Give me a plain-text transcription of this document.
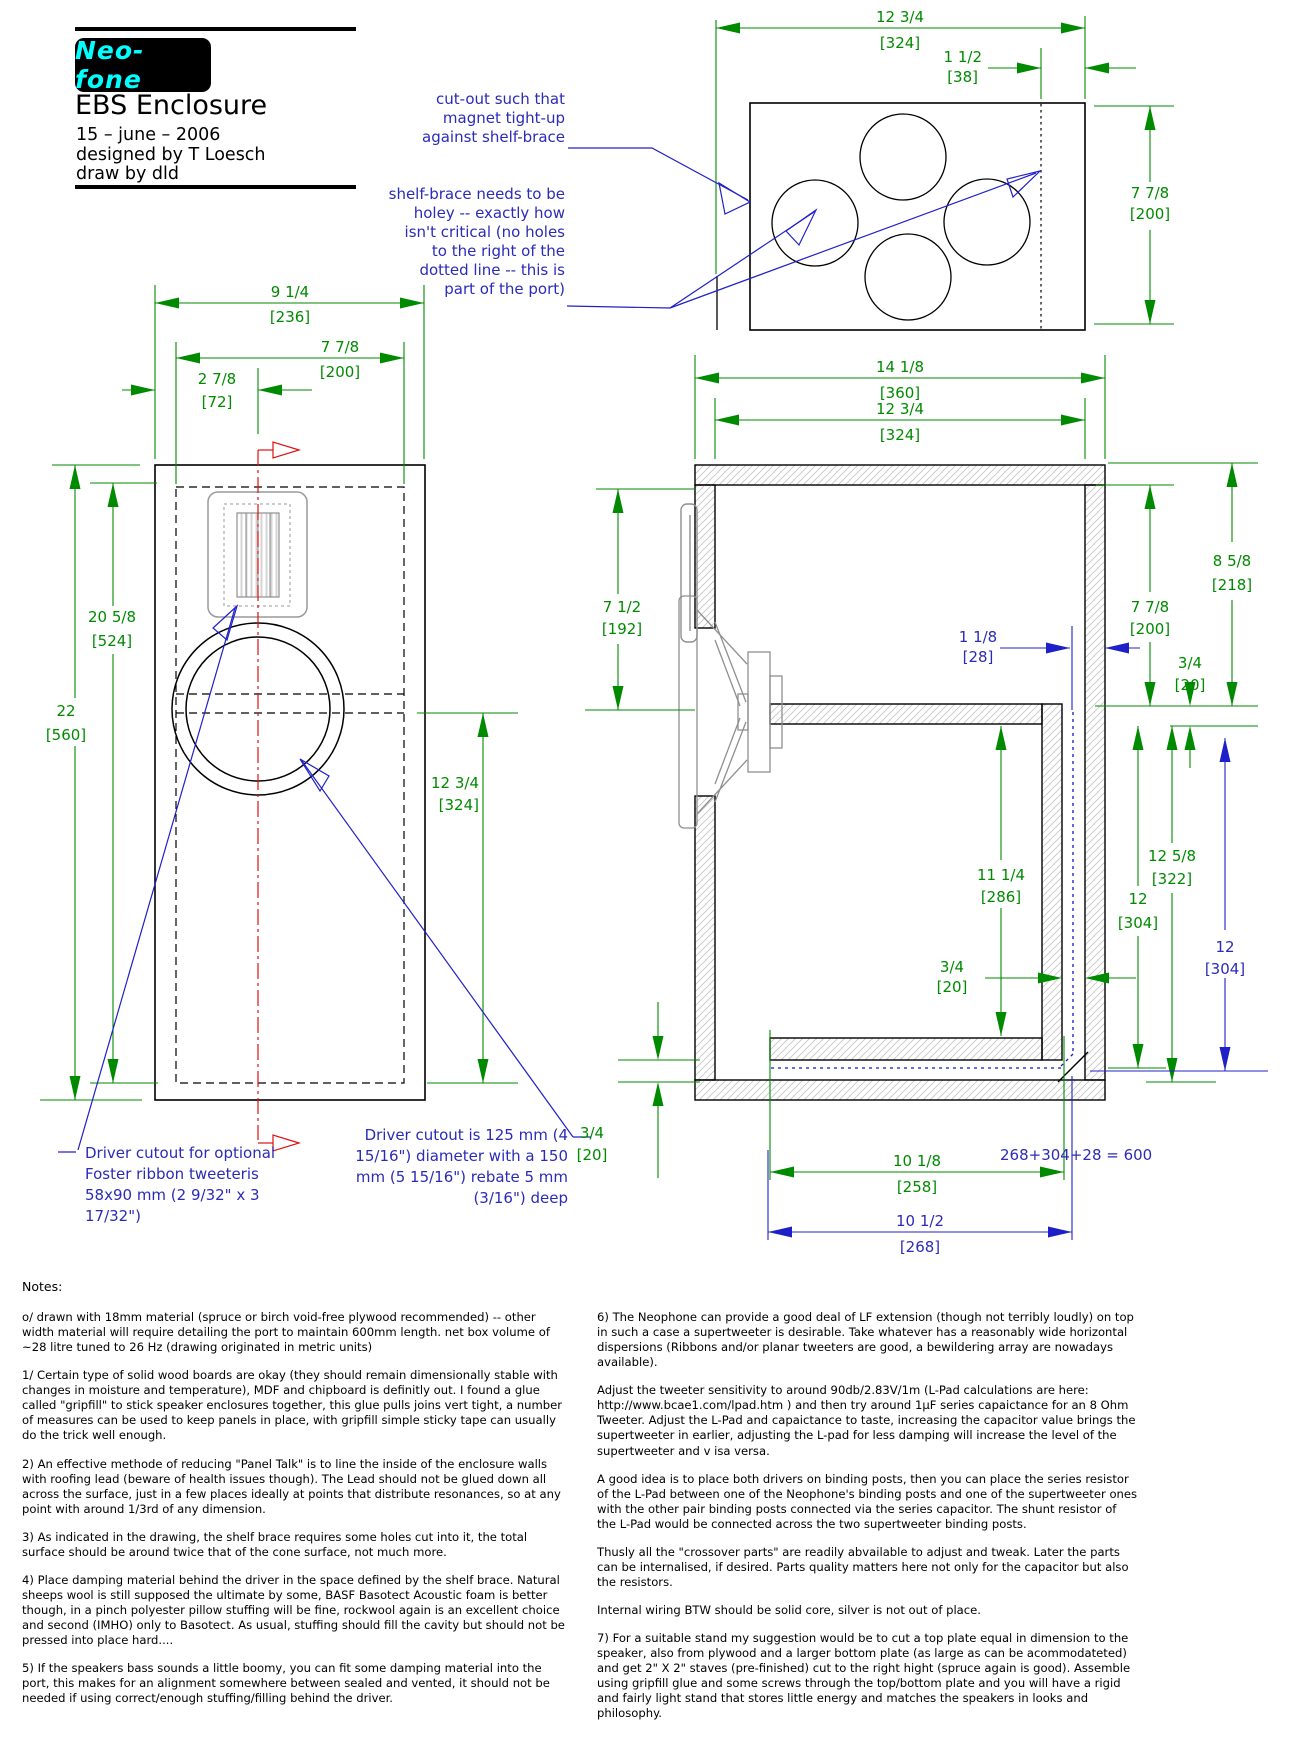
Neo-fone
EBS Enclosure
15 – june – 2006
designed by T Loesch
draw by dld
12 3/4
[324]
1 1/2
[38]
7 7/8
[200]
cut-out such that
magnet tight-up
against shelf-brace
shelf-brace needs to be
holey -- exactly how
isn't critical (no holes
to the right of the
dotted line -- this is
part of the port)
9 1/4
[236]
7 7/8
[200]
2 7/8
[72]
22
[560]
20 5/8
[524]
12 3/4
[324]
Driver cutout for optional
Foster ribbon tweeteris
58x90 mm (2 9/32" x 3
17/32")
Driver cutout is 125 mm (4
15/16") diameter with a 150
mm (5 15/16") rebate 5 mm
(3/16") deep
14 1/8
[360]
12 3/4
[324]
7 1/2
[192]	1 1/8
[28]
7 7/8
[200]
8 5/8
[218]
3/4
[20]
3/4
[20]
11 1/4
[286]	12
[304]
12 5/8
[322]
12
[304]
3/4
[20]	10 1/8
[258]
10 1/2
[268]
268+304+28 = 600
Notes:

o/ drawn with 18mm material (spruce or birch void-free plywood recommended) -- other width material will require detailing the port to maintain 600mm length. net box volume of ~28 litre tuned to 26 Hz (drawing originated in metric units)

1/ Certain type of solid wood boards are okay (they should remain dimensionally stable with changes in moisture and temperature), MDF and chipboard is definitly out. I found a glue called "gripfill" to stick speaker enclosures together, this glue pulls joins vert tight, a number of measures can be used to keep panels in place, with gripfill simple sticky tape can usually do the trick well enough.

2) An effective methode of reducing "Panel Talk" is to line the inside of the enclosure walls with roofing lead (beware of health issues though). The Lead should not be glued down all across the surface, just in a few places ideally at points that distribute resonances, so at any point with around 1/3rd of any dimension.

3) As indicated in the drawing, the shelf brace requires some holes cut into it, the total surface should be around twice that of the cone surface, not much more.

4) Place damping material behind the driver in the space defined by the shelf brace. Natural sheeps wool is still supposed the ultimate by some, BASF Basotect Acoustic foam is better though, in a pinch polyester pillow stuffing will be fine, rockwool again is an excellent choice and second (IMHO) only to Basotect. As usual, stuffing should fill the cavity but should not be pressed into place hard....

5) If the speakers bass sounds a little boomy, you can fit some damping material into the port, this makes for an alignment somewhere between sealed and vented, it should not be needed if using correct/enough stuffing/filling behind the driver.

6) The Neophone can provide a good deal of LF extension (though not terribly loudly) on top in such a case a supertweeter is desirable. Take whatever has a reasonably wide horizontal dispersions (Ribbons and/or planar tweeters are good, a bewildering array are nowadays available).

Adjust the tweeter sensitivity to around 90db/2.83V/1m (L-Pad calculations are here: http://www.bcae1.com/lpad.htm ) and then try around 1µF series capaictance for an 8 Ohm Tweeter. Adjust the L-Pad and capaictance to taste, increasing the capacitor value brings the supertweeter in earlier, adjusting the L-pad for less damping will increase the level of the supertweeter and v isa versa.

A good idea is to place both drivers on binding posts, then you can place the series resistor of the L-Pad between one of the Neophone's binding posts and one of the supertweeter ones with the other pair binding posts connected via the series capacitor. The shunt resistor of the L-Pad would be connected across the two supertweeter binding posts.

Thusly all the "crossover parts" are readily abvailable to adjust and tweak. Later the parts can be internalised, if desired. Parts quality matters here not only for the capacitor but also the resistors.

Internal wiring BTW should be solid core, silver is not out of place.

7) For a suitable stand my suggestion would be to cut a top plate equal in dimension to the speaker, also from plywood and a larger bottom plate (as large as can be acommodateted) and get 2" X 2" staves (pre-finished) cut to the right hight (spruce again is good). Assemble using gripfill glue and some screws through the top/bottom plate and you will have a rigid and fairly light stand that stores little energy and matches the speakers in looks and philosophy.
